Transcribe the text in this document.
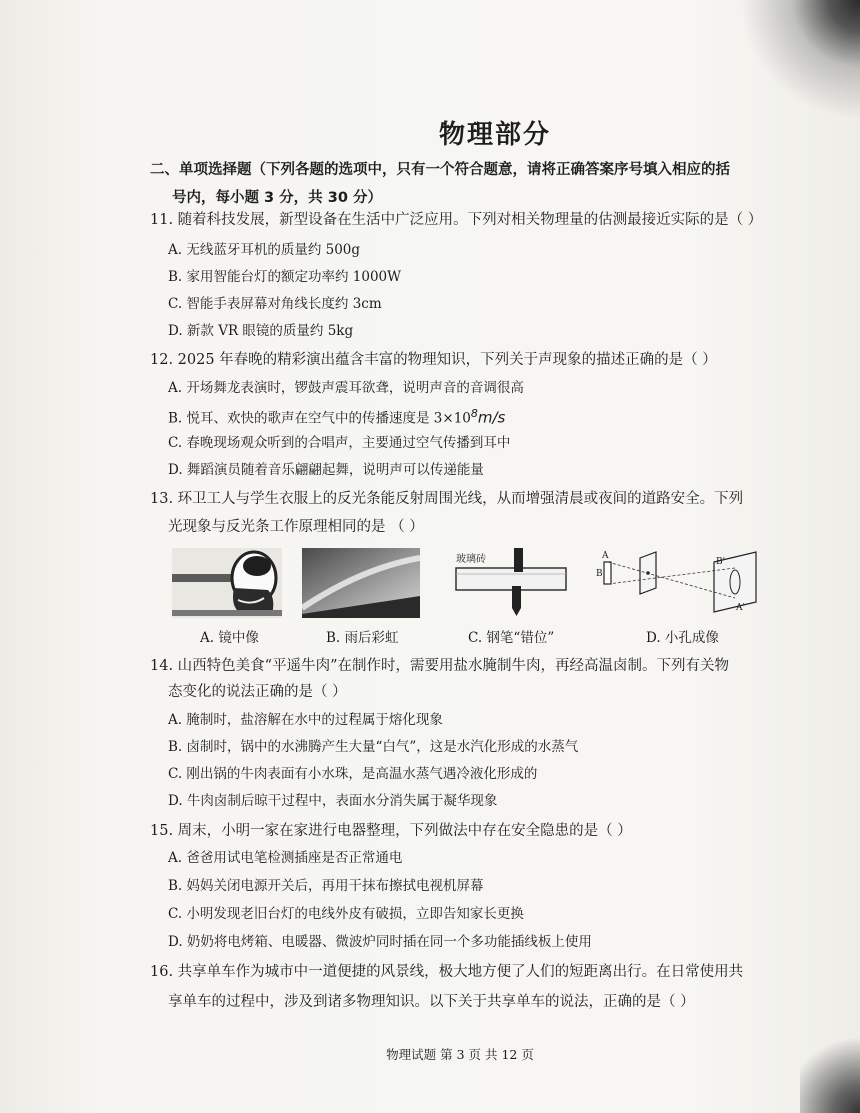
物理部分
二、单项选择题（下列各题的选项中，只有一个符合题意，请将正确答案序号填入相应的括
号内，每小题 3 分，共 30 分）
11. 随着科技发展，新型设备在生活中广泛应用。下列对相关物理量的估测最接近实际的是（ ）
A. 无线蓝牙耳机的质量约 500g
B. 家用智能台灯的额定功率约 1000W
C. 智能手表屏幕对角线长度约 3cm
D. 新款 VR 眼镜的质量约 5kg
12. 2025 年春晚的精彩演出蕴含丰富的物理知识，下列关于声现象的描述正确的是（ ）
A. 开场舞龙表演时，锣鼓声震耳欲聋，说明声音的音调很高
B. 悦耳、欢快的歌声在空气中的传播速度是 $3\times 10^8m/s$
C. 春晚现场观众听到的合唱声，主要通过空气传播到耳中
D. 舞蹈演员随着音乐翩翩起舞，说明声可以传递能量
13. 环卫工人与学生衣服上的反光条能反射周围光线，从而增强清晨或夜间的道路安全。下列
光现象与反光条工作原理相同的是 （ ）
A. 镜中像	B. 雨后彩虹
玻璃砖
C. 钢笔“错位”
A
B
B'
A'
D. 小孔成像
14. 山西特色美食“平遥牛肉”在制作时，需要用盐水腌制牛肉，再经高温卤制。下列有关物
态变化的说法正确的是（ ）
A. 腌制时，盐溶解在水中的过程属于熔化现象
B. 卤制时，锅中的水沸腾产生大量“白气”，这是水汽化形成的水蒸气
C. 刚出锅的牛肉表面有小水珠，是高温水蒸气遇冷液化形成的
D. 牛肉卤制后晾干过程中，表面水分消失属于凝华现象
15. 周末，小明一家在家进行电器整理，下列做法中存在安全隐患的是（ ）
A. 爸爸用试电笔检测插座是否正常通电
B. 妈妈关闭电源开关后，再用干抹布擦拭电视机屏幕
C. 小明发现老旧台灯的电线外皮有破损，立即告知家长更换
D. 奶奶将电烤箱、电暖器、微波炉同时插在同一个多功能插线板上使用
16. 共享单车作为城市中一道便捷的风景线，极大地方便了人们的短距离出行。在日常使用共
享单车的过程中，涉及到诸多物理知识。以下关于共享单车的说法，正确的是（ ）
物理试题 第 3 页 共 12 页
